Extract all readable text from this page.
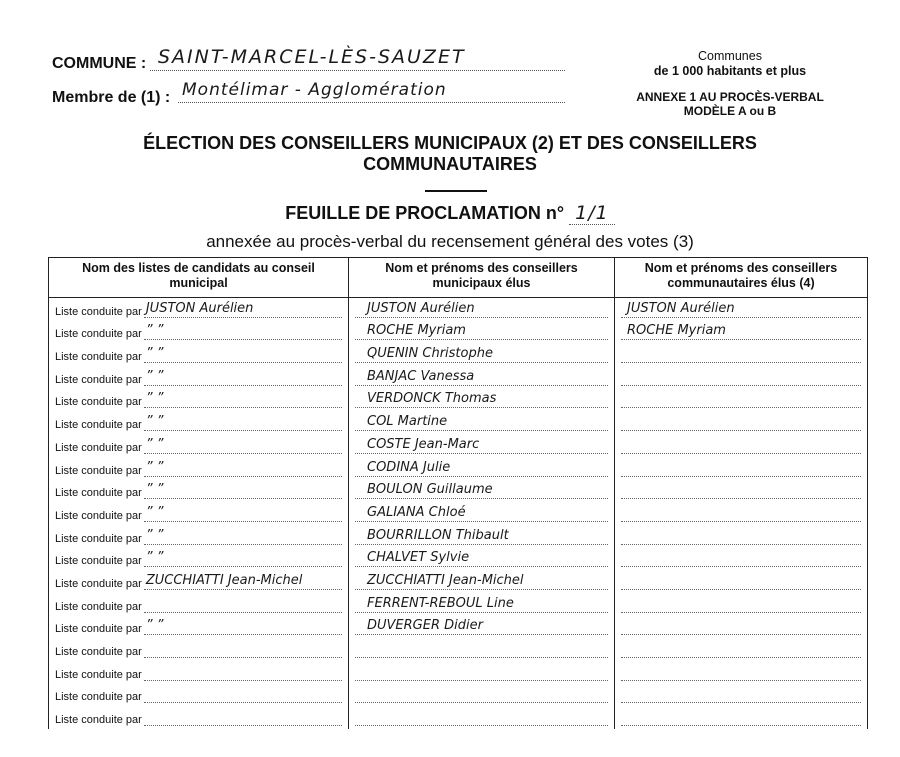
COMMUNE : SAINT-MARCEL-LÈS-SAUZET
Membre de (1) : Montélimar - Agglomération
Communes
de 1 000 habitants et plus
ANNEXE 1 AU PROCÈS-VERBAL
MODÈLE A ou B
ÉLECTION DES CONSEILLERS MUNICIPAUX (2) ET DES CONSEILLERS
COMMUNAUTAIRES
FEUILLE DE PROCLAMATION n° 1/1
annexée au procès-verbal du recensement général des votes (3)
Nom des listes de candidats au conseil municipal	Nom et prénoms des conseillers municipaux élus	Nom et prénoms des conseillers communautaires élus (4)

Liste conduite par JUSTON Aurélien	JUSTON Aurélien	JUSTON Aurélien

Liste conduite par ” ”	ROCHE Myriam	ROCHE Myriam

Liste conduite par ” ”	QUENIN Christophe	

Liste conduite par ” ”	BANJAC Vanessa	

Liste conduite par ” ”	VERDONCK Thomas	

Liste conduite par ” ”	COL Martine	

Liste conduite par ” ”	COSTE Jean-Marc	

Liste conduite par ” ”	CODINA Julie	

Liste conduite par ” ”	BOULON Guillaume	

Liste conduite par ” ”	GALIANA Chloé	

Liste conduite par ” ”	BOURRILLON Thibault	

Liste conduite par ” ”	CHALVET Sylvie	

Liste conduite par ZUCCHIATTI Jean-Michel	ZUCCHIATTI Jean-Michel	

Liste conduite par	FERRENT-REBOUL Line	

Liste conduite par ” ”	DUVERGER Didier	

Liste conduite par		

Liste conduite par		

Liste conduite par		

Liste conduite par		
